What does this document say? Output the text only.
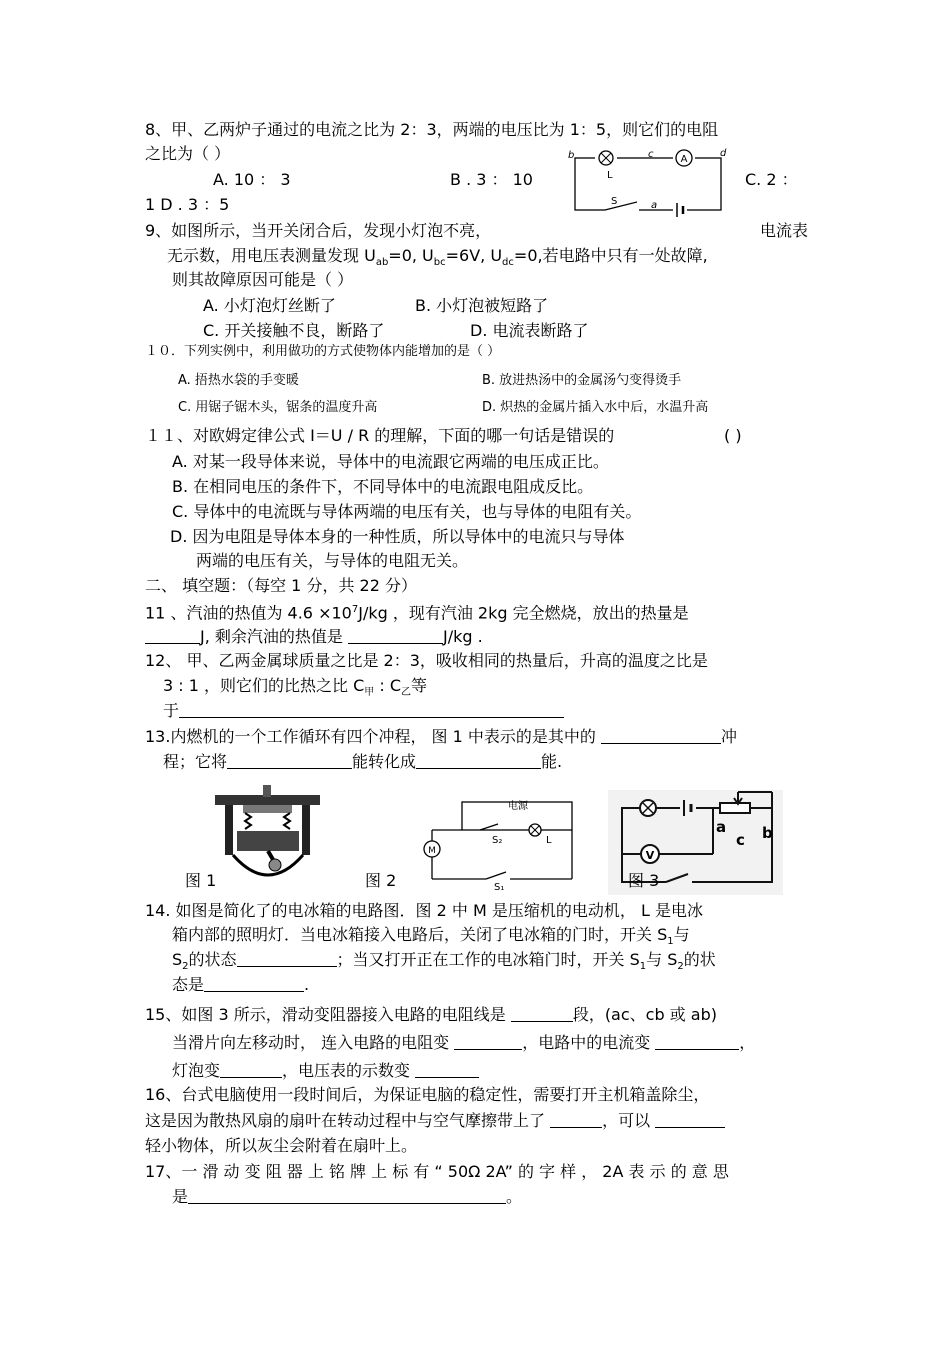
8、甲、乙两炉子通过的电流之比为 2：3，两端的电压比为 1：5，则它们的电阻
之比为（ ）
A. 10 ： 3	B . 3 ： 10	C. 2 ：
1 D . 3 ：5
A
b	c	d
L
S	a
9、如图所示，当开关闭合后，发现小灯泡不亮，	电流表
无示数，用电压表测量发现 $U_{ab}=0$, $U_{bc}=6V$, $U_{dc}=0$,若电路中只有一处故障,
则其故障原因可能是（ ）
A. 小灯泡灯丝断了	B. 小灯泡被短路了
C. 开关接触不良，断路了	D. 电流表断路了
１０．下列实例中，利用做功的方式使物体内能增加的是（ ）
A. 捂热水袋的手变暖	B. 放进热汤中的金属汤勺变得烫手
C. 用锯子锯木头，锯条的温度升高	D. 炽热的金属片插入水中后，水温升高
１１、对欧姆定律公式 I＝U / R 的理解，下面的哪一句话是错误的	( )
A. 对某一段导体来说，导体中的电流跟它两端的电压成正比。
B. 在相同电压的条件下，不同导体中的电流跟电阻成反比。
C. 导体中的电流既与导体两端的电压有关，也与导体的电阻有关。
D. 因为电阻是导体本身的一种性质，所以导体中的电流只与导体
两端的电压有关，与导体的电阻无关。
二、 填空题：（每空 1 分，共 22 分）
11 、汽油的热值为 $4.6 \times 10^7J/kg$ ，现有汽油 2kg 完全燃烧，放出的热量是
J, 剩余汽油的热值是	J/kg .
12、 甲、乙两金属球质量之比是 2：3，吸收相同的热量后，升高的温度之比是
3 : 1 ，则它们的比热之比 $C_甲$ : $C_乙$等
于
13.内燃机的一个工作循环有四个冲程， 图 1 中表示的是其中的	冲
程；它将	能转化成	能.
图 1
电源
S₂	L
M
S₁
图 2
a
c b
V
图 3
14. 如图是简化了的电冰箱的电路图．图 2 中 M 是压缩机的电动机， L 是电冰
箱内部的照明灯．当电冰箱接入电路后，关闭了电冰箱的门时，开关 $S_1$与
$S_2$的状态	；当又打开正在工作的电冰箱门时，开关 $S_1$与 $S_2$的状
态是	.
15、如图 3 所示，滑动变阻器接入电路的电阻线是	段，(ac、cb 或 ab)
当滑片向左移动时， 连入电路的电阻变	，电路中的电流变	，
灯泡变	，电压表的示数变
16、台式电脑使用一段时间后，为保证电脑的稳定性，需要打开主机箱盖除尘，
这是因为散热风扇的扇叶在转动过程中与空气摩擦带上了	，可以
轻小物体，所以灰尘会附着在扇叶上。
17、一 滑 动 变 阻 器 上 铭 牌 上 标 有 “ 50Ω 2A” 的 字 样 ， 2A 表 示 的 意 思
是	。
